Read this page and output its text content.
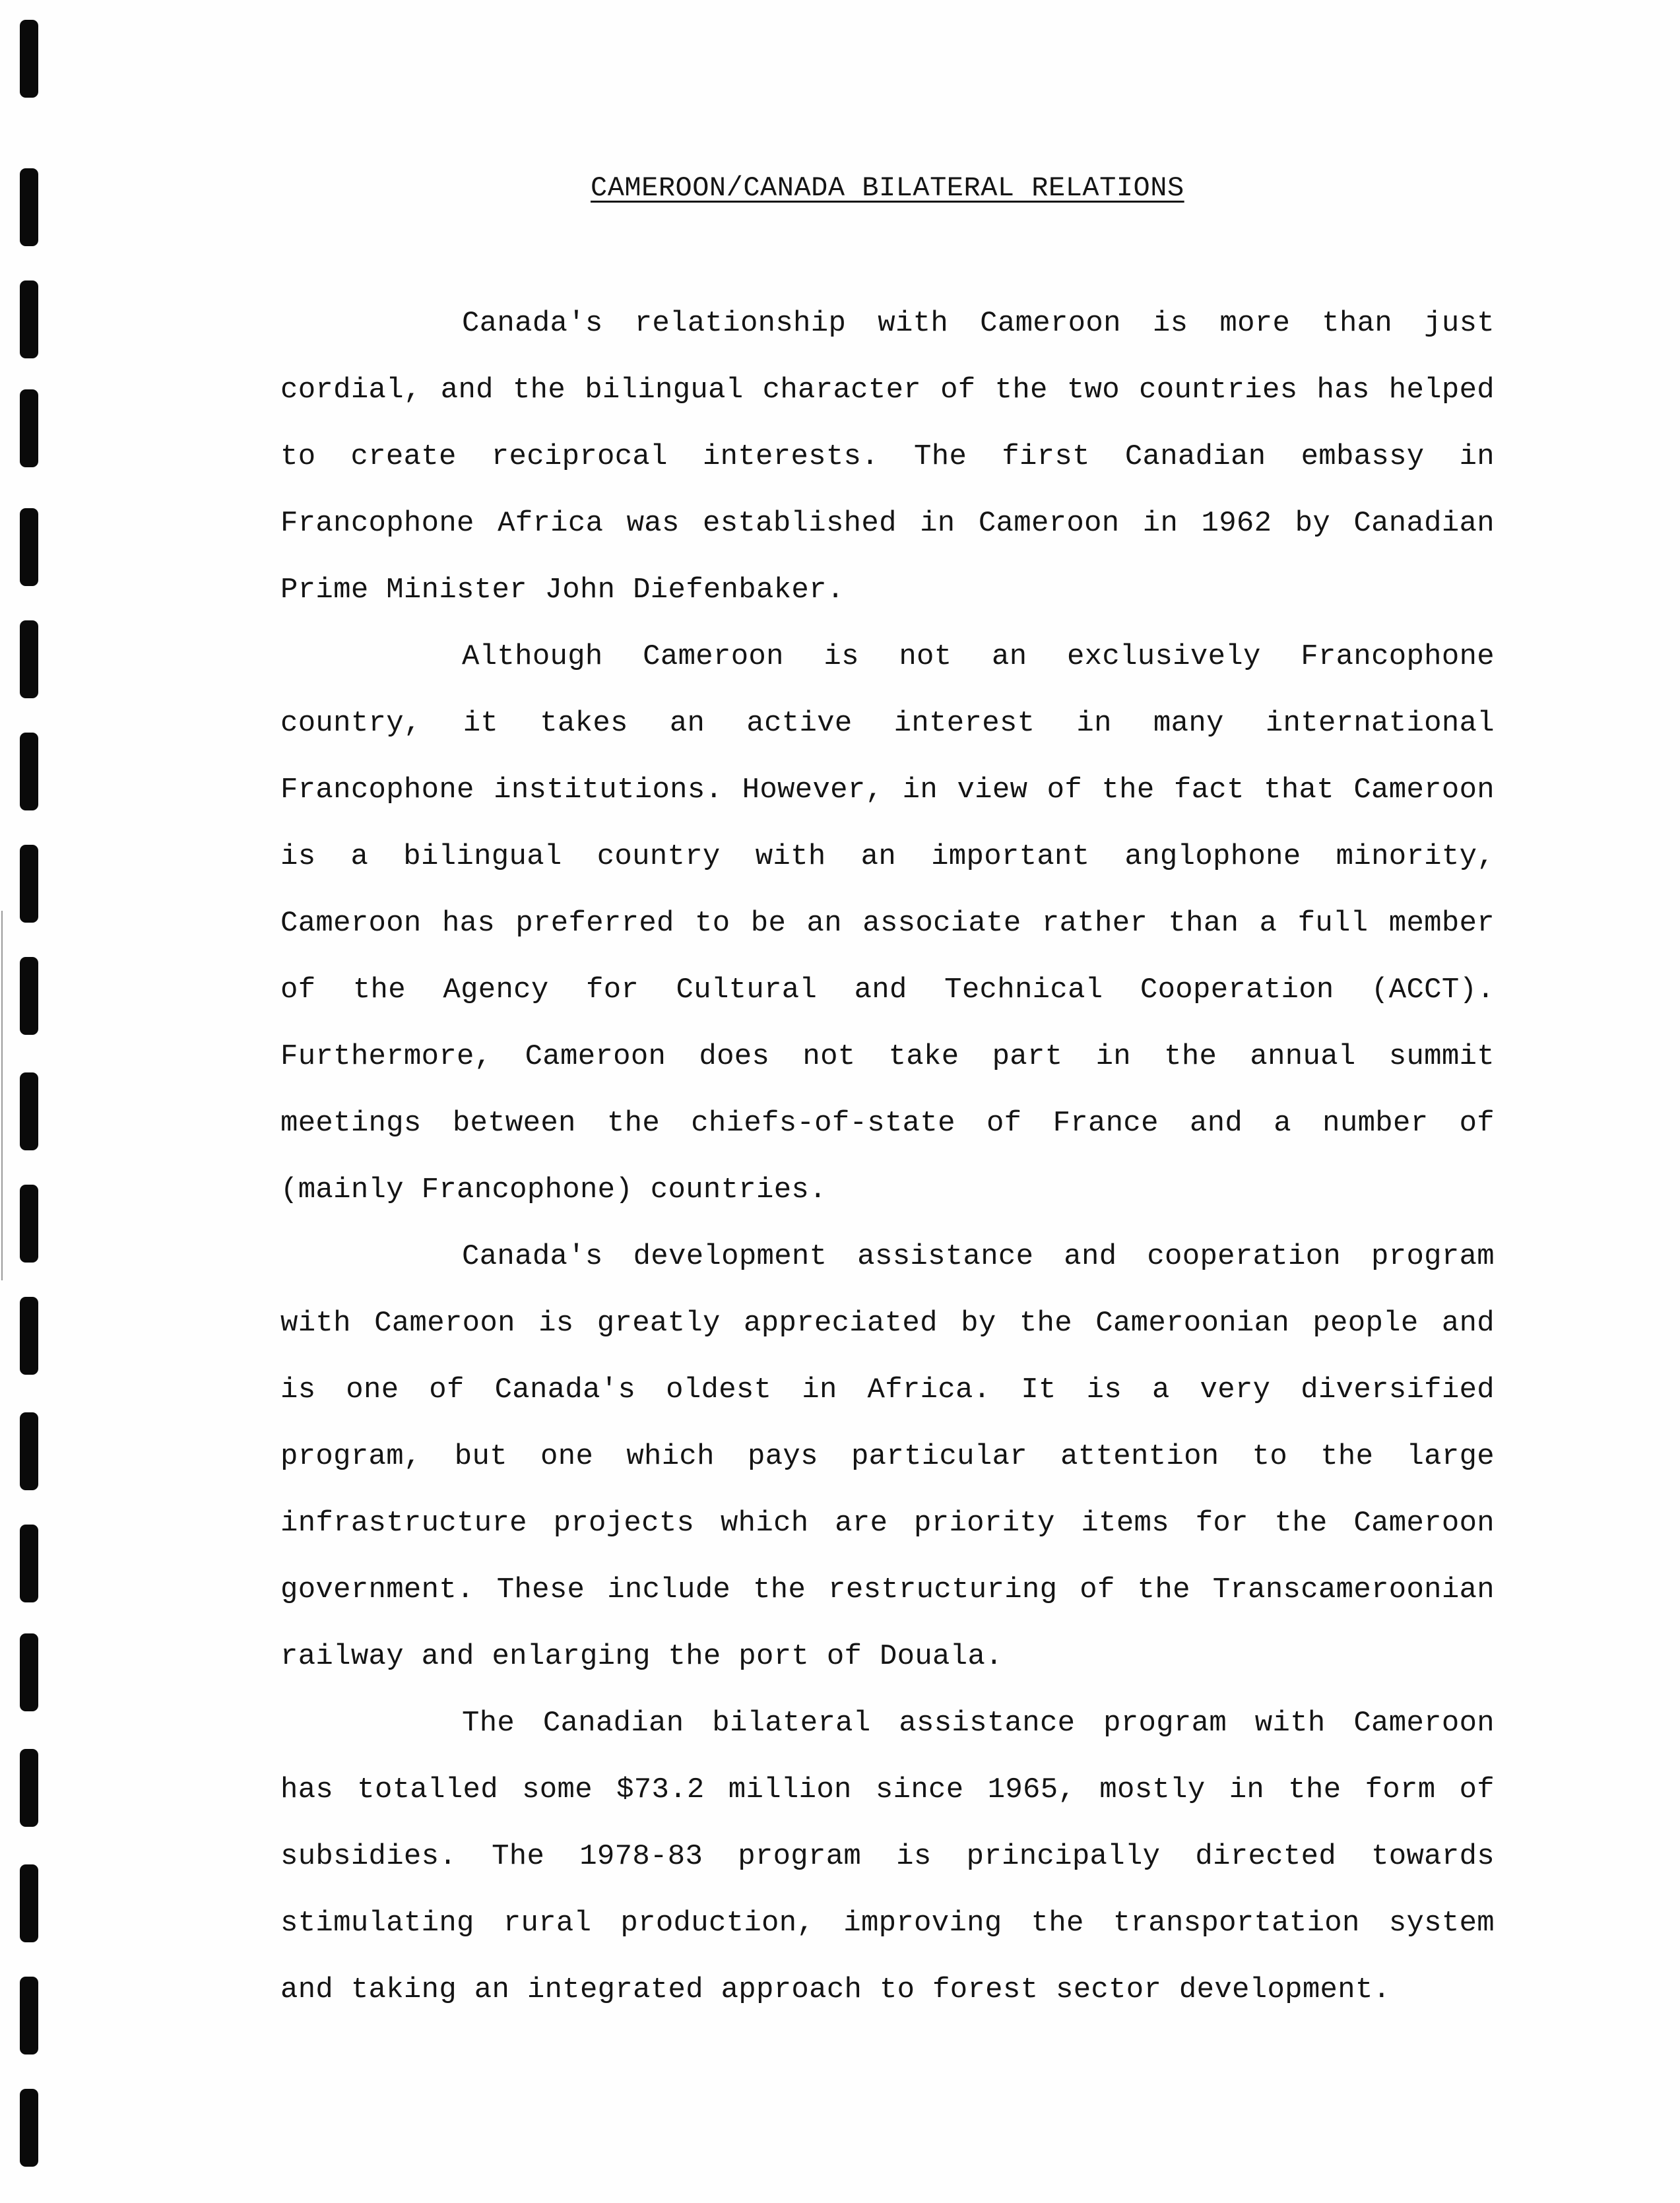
CAMEROON/CANADA BILATERAL RELATIONS

Canada's relationship with Cameroon is more than just cordial, and the bilingual character of the two countries has helped to create reciprocal interests. The first Canadian embassy in Francophone Africa was established in Cameroon in 1962 by Canadian Prime Minister John Diefenbaker.

Although Cameroon is not an exclusively Francophone country, it takes an active interest in many international Francophone institutions. However, in view of the fact that Cameroon is a bilingual country with an important anglophone minority, Cameroon has preferred to be an associate rather than a full member of the Agency for Cultural and Technical Cooperation (ACCT). Furthermore, Cameroon does not take part in the annual summit meetings between the chiefs-of-state of France and a number of (mainly Francophone) countries.

Canada's development assistance and cooperation program with Cameroon is greatly appreciated by the Cameroonian people and is one of Canada's oldest in Africa. It is a very diversified program, but one which pays particular attention to the large infrastructure projects which are priority items for the Cameroon government. These include the restructuring of the Transcameroonian railway and enlarging the port of Douala.

The Canadian bilateral assistance program with Cameroon has totalled some $73.2 million since 1965, mostly in the form of subsidies. The 1978-83 program is principally directed towards stimulating rural production, improving the transportation system and taking an integrated approach to forest sector development.
